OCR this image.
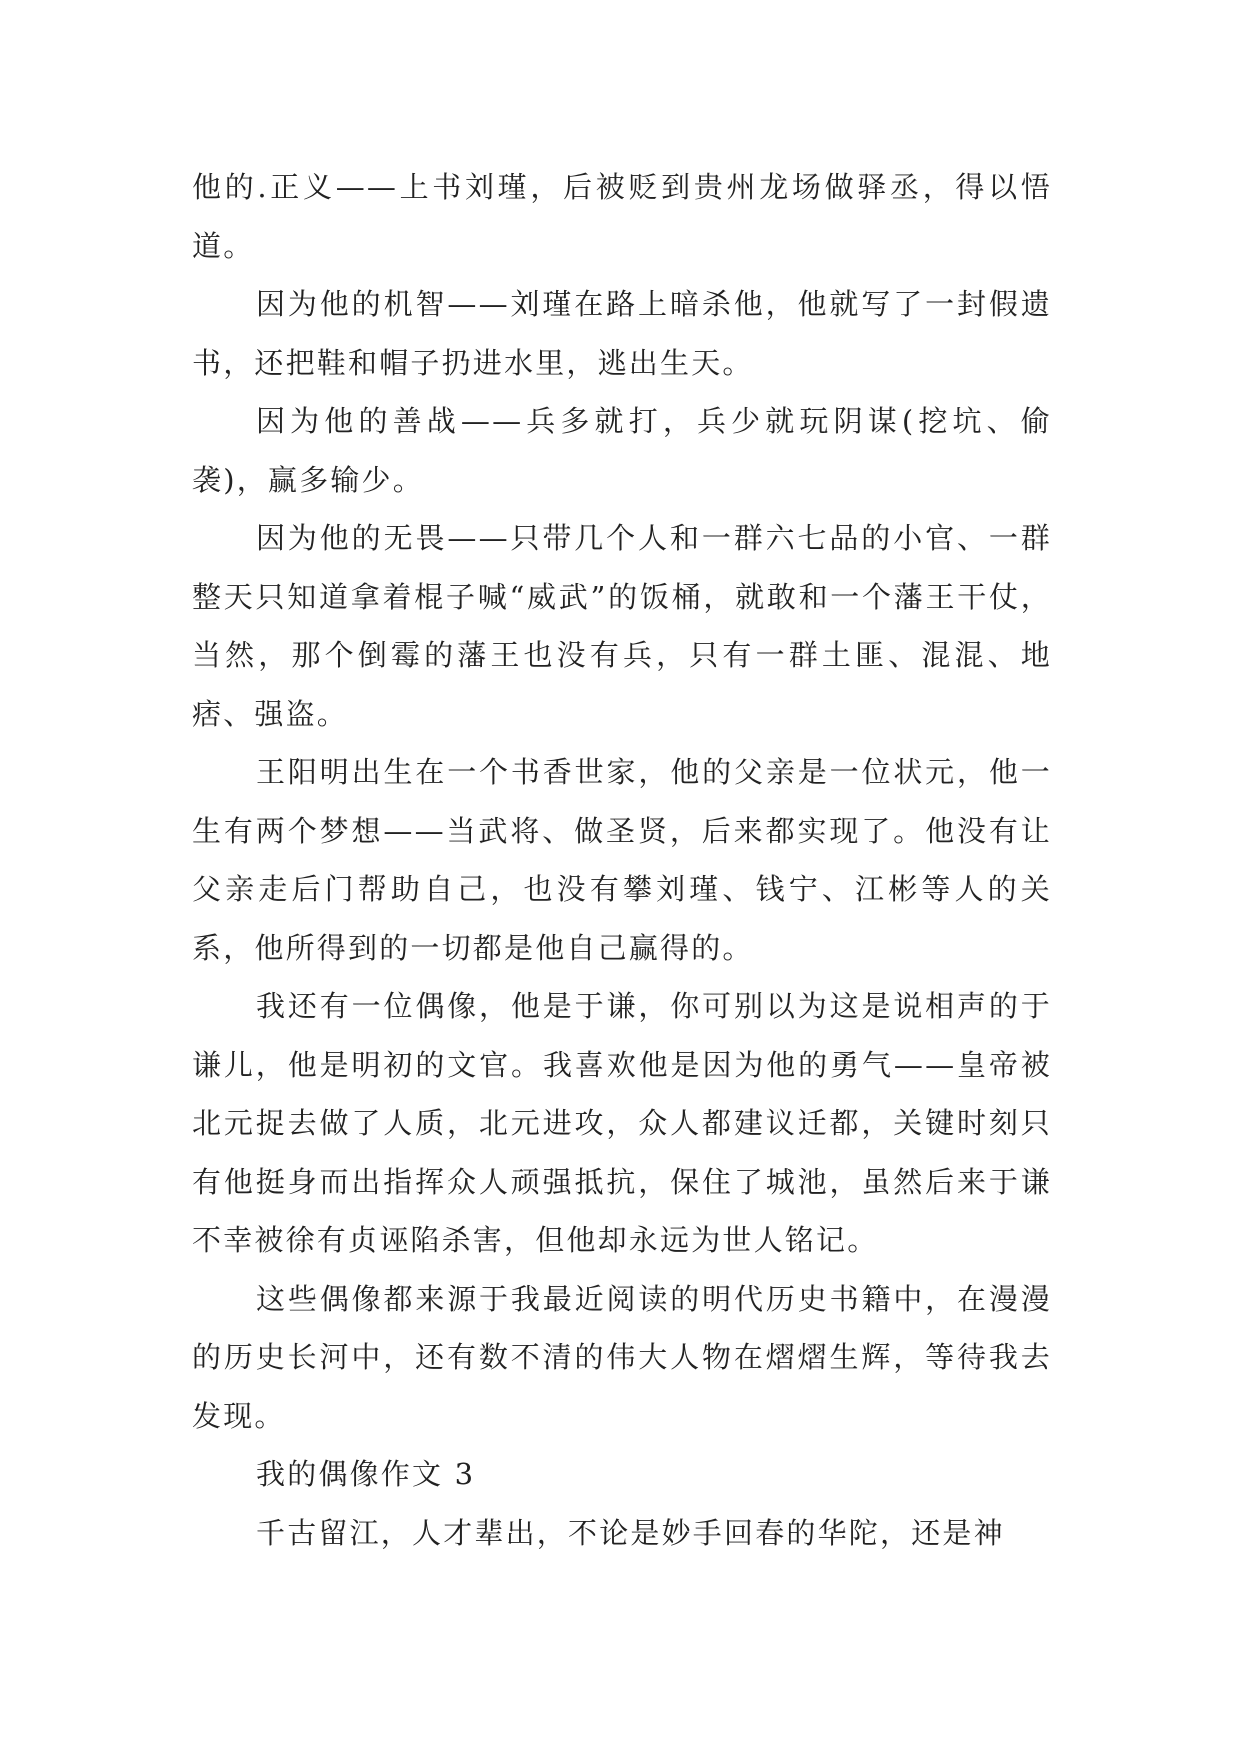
他的.正义——上书刘瑾，后被贬到贵州龙场做驿丞，得以悟道。

因为他的机智——刘瑾在路上暗杀他，他就写了一封假遗书，还把鞋和帽子扔进水里，逃出生天。

因为他的善战——兵多就打，兵少就玩阴谋(挖坑、偷袭)，赢多输少。

因为他的无畏——只带几个人和一群六七品的小官、一群整天只知道拿着棍子喊“威武”的饭桶，就敢和一个藩王干仗，当然，那个倒霉的藩王也没有兵，只有一群土匪、混混、地痞、强盗。

王阳明出生在一个书香世家，他的父亲是一位状元，他一生有两个梦想——当武将、做圣贤，后来都实现了。他没有让父亲走后门帮助自己，也没有攀刘瑾、钱宁、江彬等人的关系，他所得到的一切都是他自己赢得的。

我还有一位偶像，他是于谦，你可别以为这是说相声的于谦儿，他是明初的文官。我喜欢他是因为他的勇气——皇帝被北元捉去做了人质，北元进攻，众人都建议迁都，关键时刻只有他挺身而出指挥众人顽强抵抗，保住了城池，虽然后来于谦不幸被徐有贞诬陷杀害，但他却永远为世人铭记。

这些偶像都来源于我最近阅读的明代历史书籍中，在漫漫的历史长河中，还有数不清的伟大人物在熠熠生辉，等待我去发现。

我的偶像作文 3

千古留江，人才辈出，不论是妙手回春的华陀，还是神
